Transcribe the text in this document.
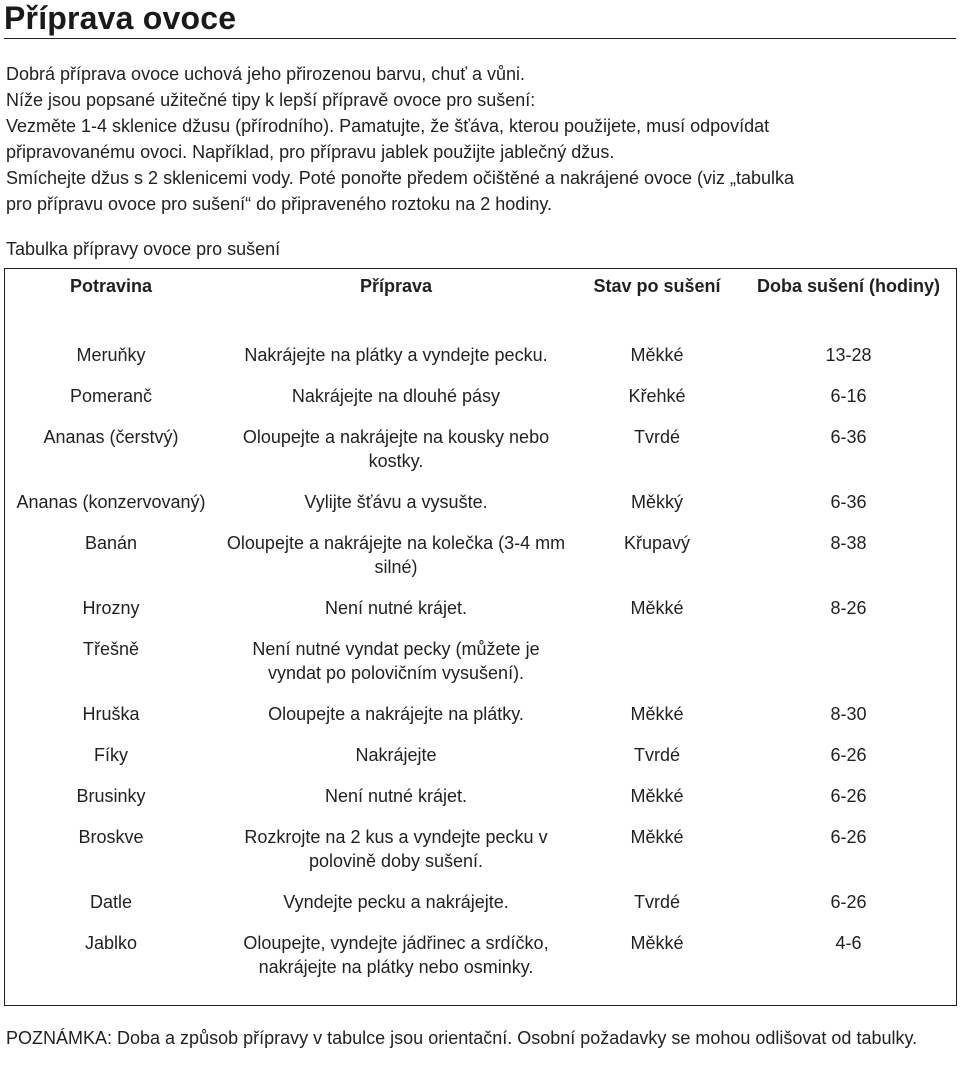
Příprava ovoce
Dobrá příprava ovoce uchová jeho přirozenou barvu, chuť a vůni.
Níže jsou popsané užitečné tipy k lepší přípravě ovoce pro sušení:
Vezměte 1-4 sklenice džusu (přírodního). Pamatujte, že šťáva, kterou použijete, musí odpovídat
připravovanému ovoci. Například, pro přípravu jablek použijte jablečný džus.
Smíchejte džus s 2 sklenicemi vody. Poté ponořte předem očištěné a nakrájené ovoce (viz „tabulka
pro přípravu ovoce pro sušení“ do připraveného roztoku na 2 hodiny.
Tabulka přípravy ovoce pro sušení
Potravina	Příprava	Stav po sušení	Doba sušení (hodiny)
Meruňky	Nakrájejte na plátky a vyndejte pecku.	Měkké	13-28
Pomeranč	Nakrájejte na dlouhé pásy	Křehké	6-16
Ananas (čerstvý)	Oloupejte a nakrájejte na kousky nebo kostky.	Tvrdé	6-36
Ananas (konzervovaný)	Vylijte šťávu a vysušte.	Měkký	6-36
Banán	Oloupejte a nakrájejte na kolečka (3-4 mm silné)	Křupavý	8-38
Hrozny	Není nutné krájet.	Měkké	8-26
Třešně	Není nutné vyndat pecky (můžete je vyndat po polovičním vysušení).		
Hruška	Oloupejte a nakrájejte na plátky.	Měkké	8-30
Fíky	Nakrájejte	Tvrdé	6-26
Brusinky	Není nutné krájet.	Měkké	6-26
Broskve	Rozkrojte na 2 kus a vyndejte pecku v polovině doby sušení.	Měkké	6-26
Datle	Vyndejte pecku a nakrájejte.	Tvrdé	6-26
Jablko	Oloupejte, vyndejte jádřinec a srdíčko, nakrájejte na plátky nebo osminky.	Měkké	4-6
POZNÁMKA: Doba a způsob přípravy v tabulce jsou orientační. Osobní požadavky se mohou odlišovat od tabulky.
